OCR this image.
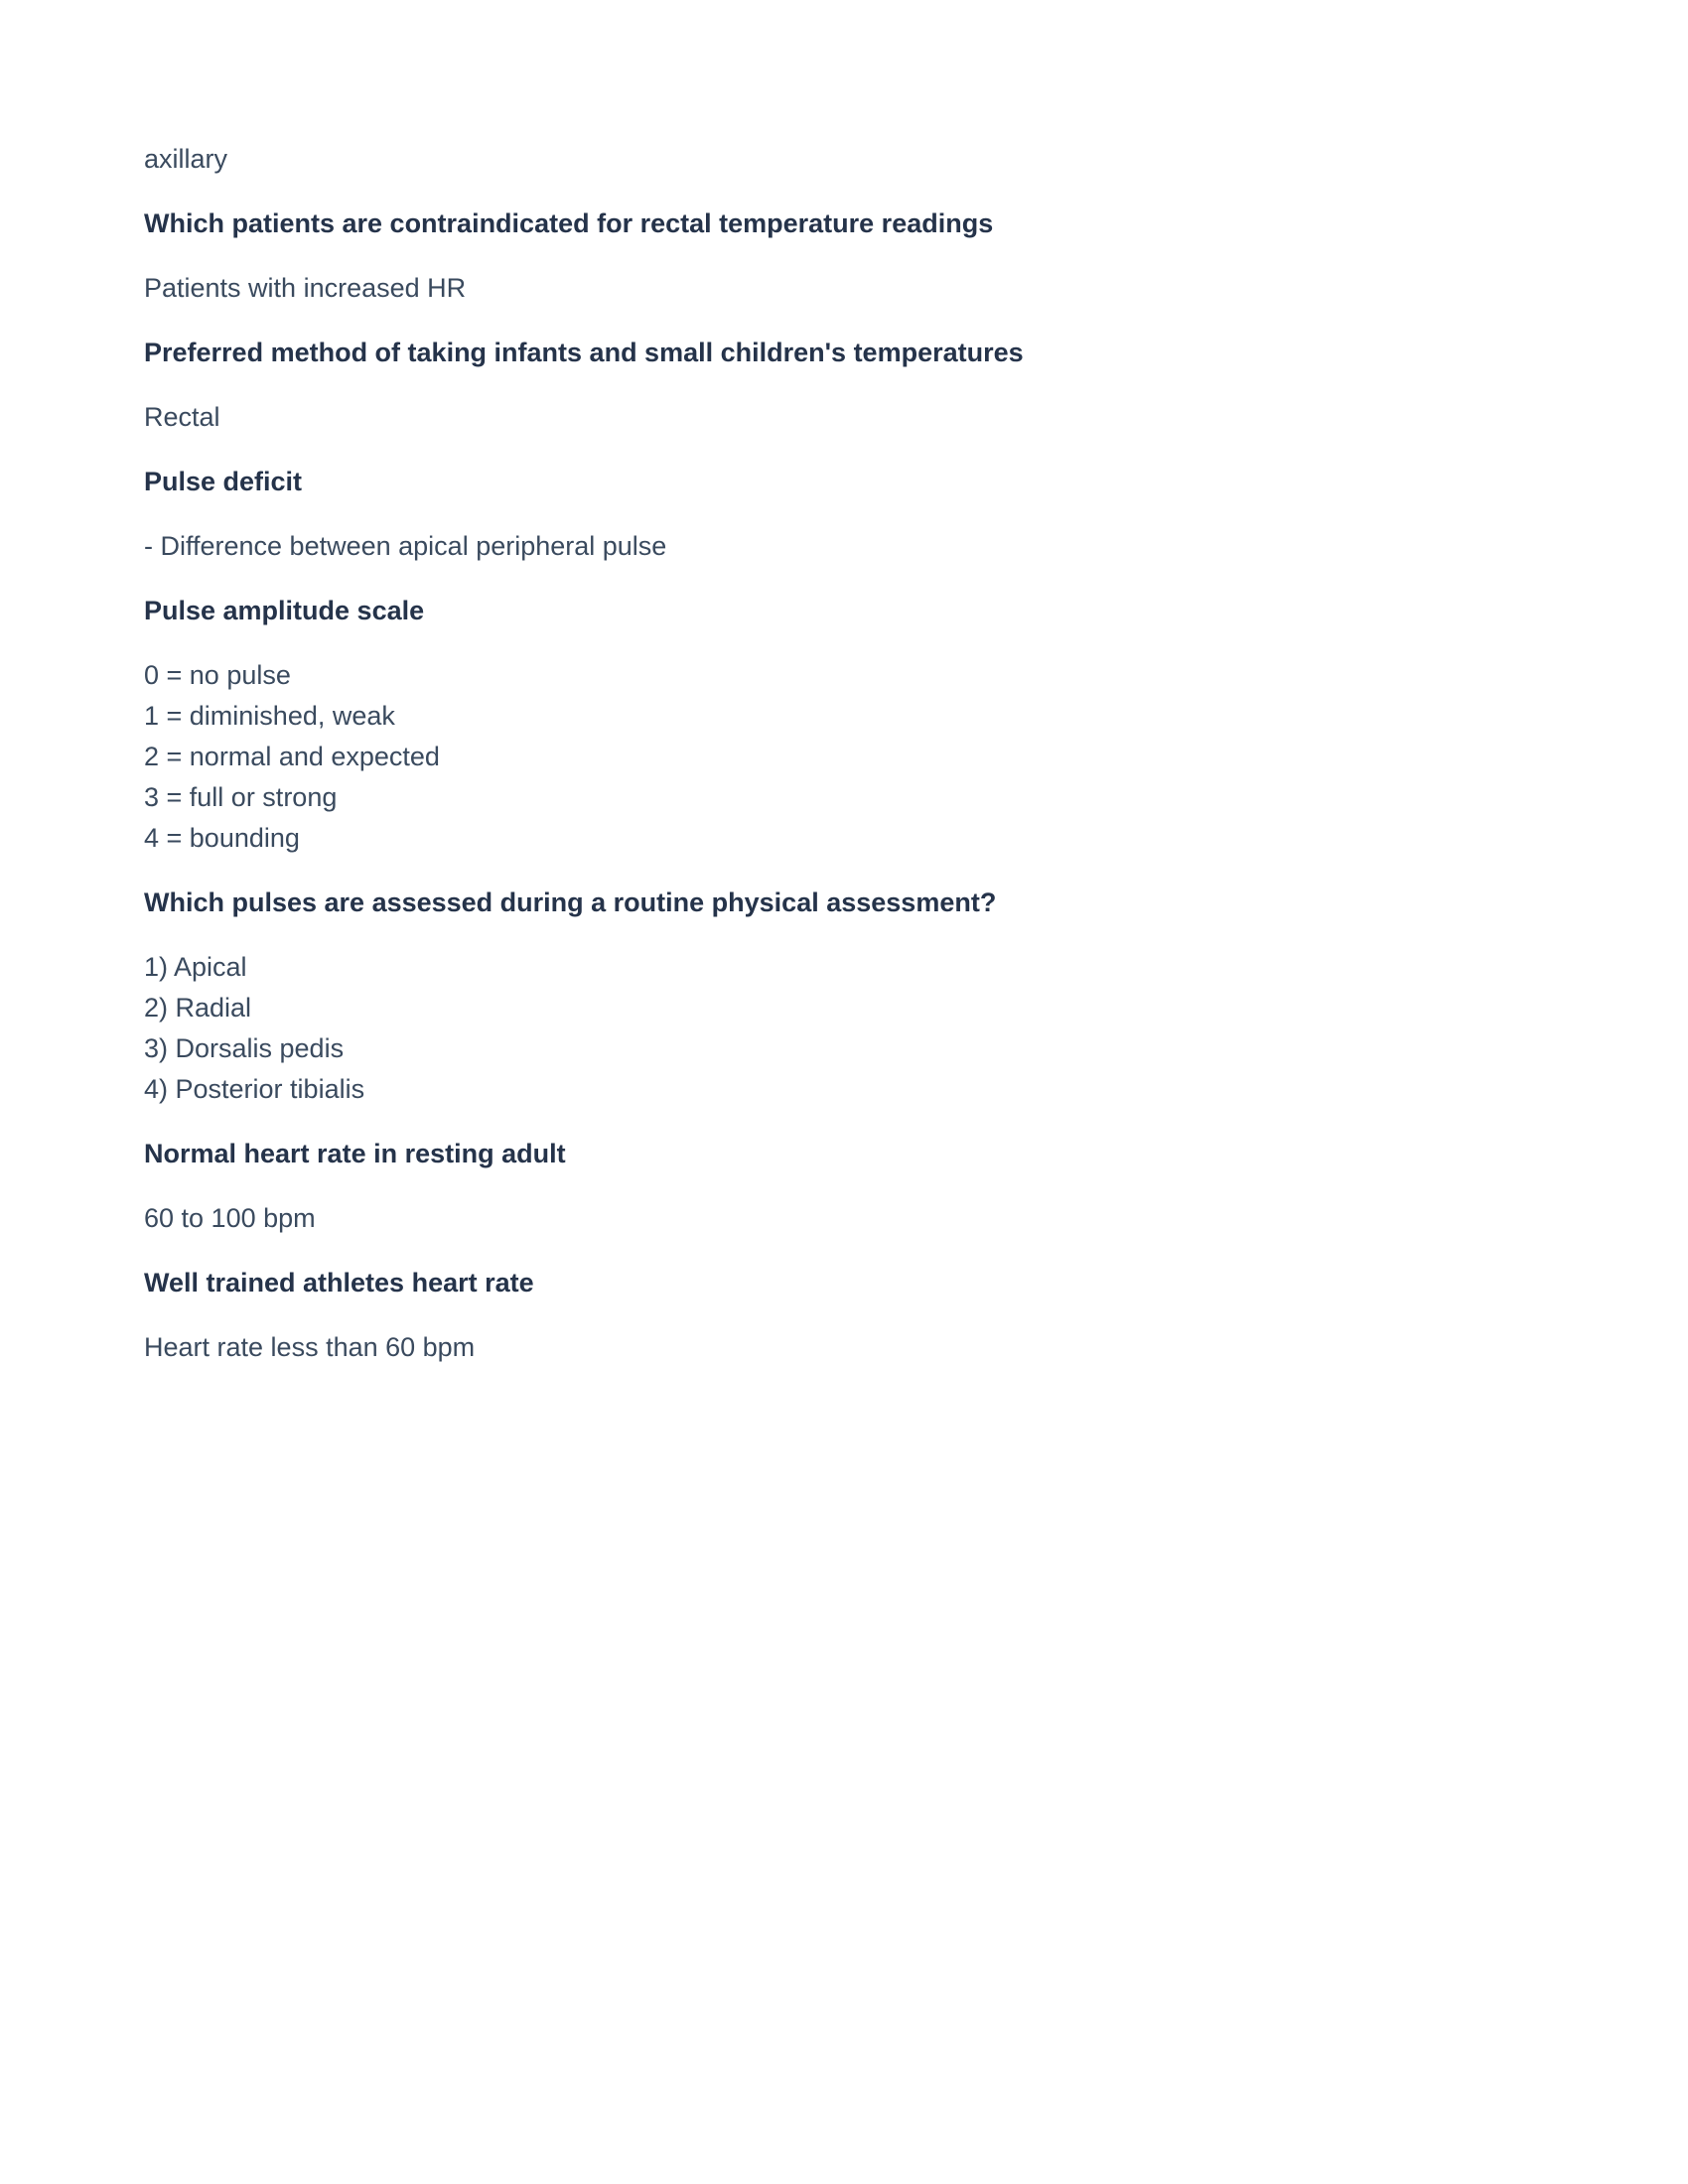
axillary

Which patients are contraindicated for rectal temperature readings

Patients with increased HR

Preferred method of taking infants and small children's temperatures

Rectal

Pulse deficit

- Difference between apical peripheral pulse

Pulse amplitude scale

0 = no pulse
1 = diminished, weak
2 = normal and expected
3 = full or strong
4 = bounding

Which pulses are assessed during a routine physical assessment?

1) Apical
2) Radial
3) Dorsalis pedis
4) Posterior tibialis

Normal heart rate in resting adult

60 to 100 bpm

Well trained athletes heart rate

Heart rate less than 60 bpm
